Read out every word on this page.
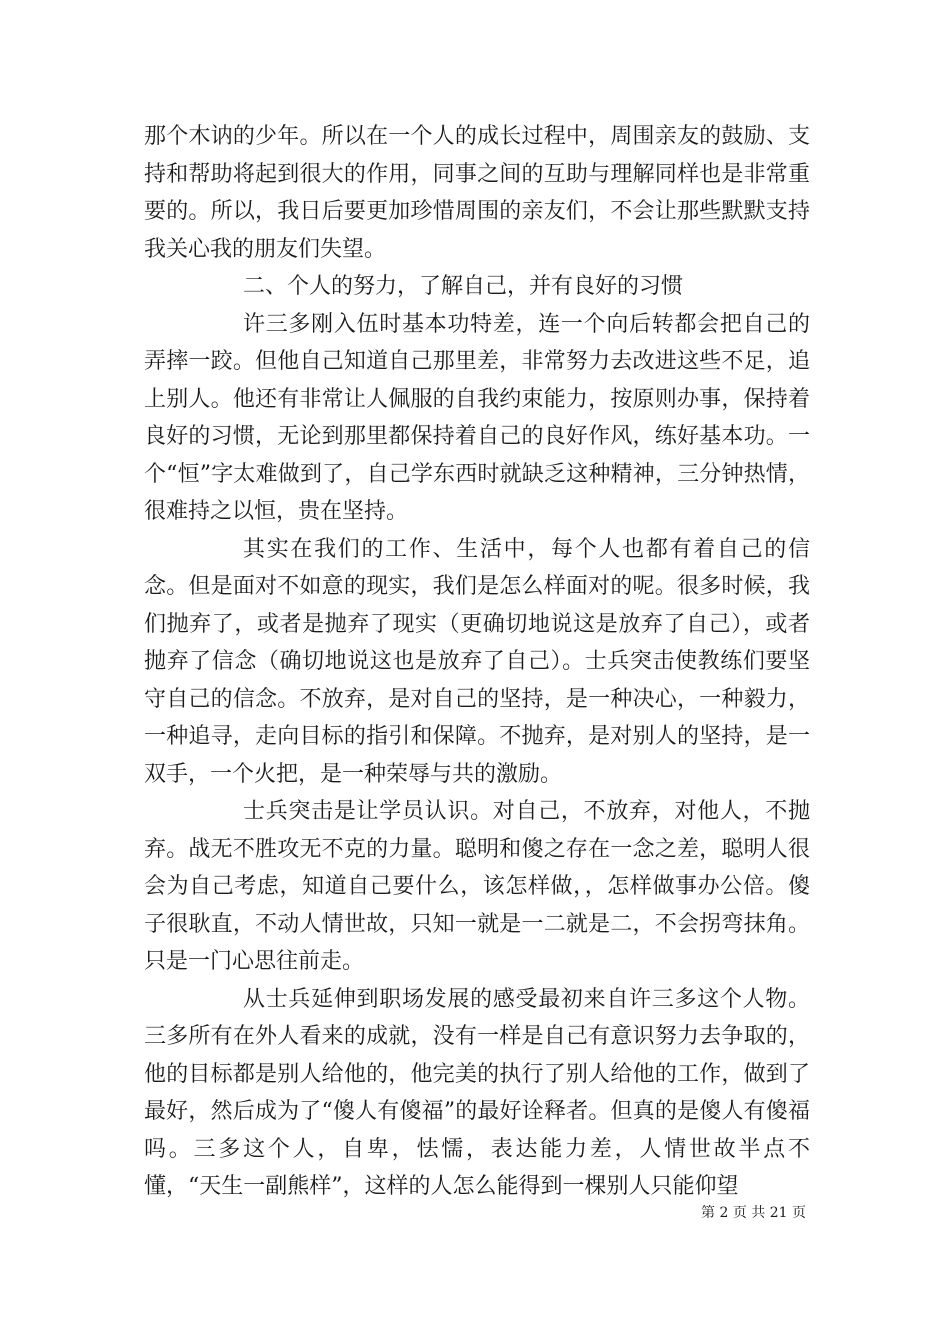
那个木讷的少年。所以在一个人的成长过程中，周围亲友的鼓励、支持和帮助将起到很大的作用，同事之间的互助与理解同样也是非常重要的。所以，我日后要更加珍惜周围的亲友们，不会让那些默默支持我关心我的朋友们失望。

二、个人的努力，了解自己，并有良好的习惯

许三多刚入伍时基本功特差，连一个向后转都会把自己的弄摔一跤。但他自己知道自己那里差，非常努力去改进这些不足，追上别人。他还有非常让人佩服的自我约束能力，按原则办事，保持着良好的习惯，无论到那里都保持着自己的良好作风，练好基本功。一个“恒”字太难做到了，自己学东西时就缺乏这种精神，三分钟热情，很难持之以恒，贵在坚持。

其实在我们的工作、生活中，每个人也都有着自己的信念。但是面对不如意的现实，我们是怎么样面对的呢。很多时候，我们抛弃了，或者是抛弃了现实（更确切地说这是放弃了自己），或者抛弃了信念（确切地说这也是放弃了自己）。士兵突击使教练们要坚守自己的信念。不放弃，是对自己的坚持，是一种决心，一种毅力，一种追寻，走向目标的指引和保障。不抛弃，是对别人的坚持，是一双手，一个火把，是一种荣辱与共的激励。

士兵突击是让学员认识。对自己，不放弃，对他人，不抛弃。战无不胜攻无不克的力量。聪明和傻之存在一念之差，聪明人很会为自己考虑，知道自己要什么，该怎样做，，怎样做事办公倍。傻子很耿直，不动人情世故，只知一就是一二就是二，不会拐弯抹角。只是一门心思往前走。

从士兵延伸到职场发展的感受最初来自许三多这个人物。三多所有在外人看来的成就，没有一样是自己有意识努力去争取的，他的目标都是别人给他的，他完美的执行了别人给他的工作，做到了最好，然后成为了“傻人有傻福”的最好诠释者。但真的是傻人有傻福吗。三多这个人，自卑，怯懦，表达能力差，人情世故半点不懂，“天生一副熊样”，这样的人怎么能得到一棵别人只能仰望

第 2 页 共 21 页
